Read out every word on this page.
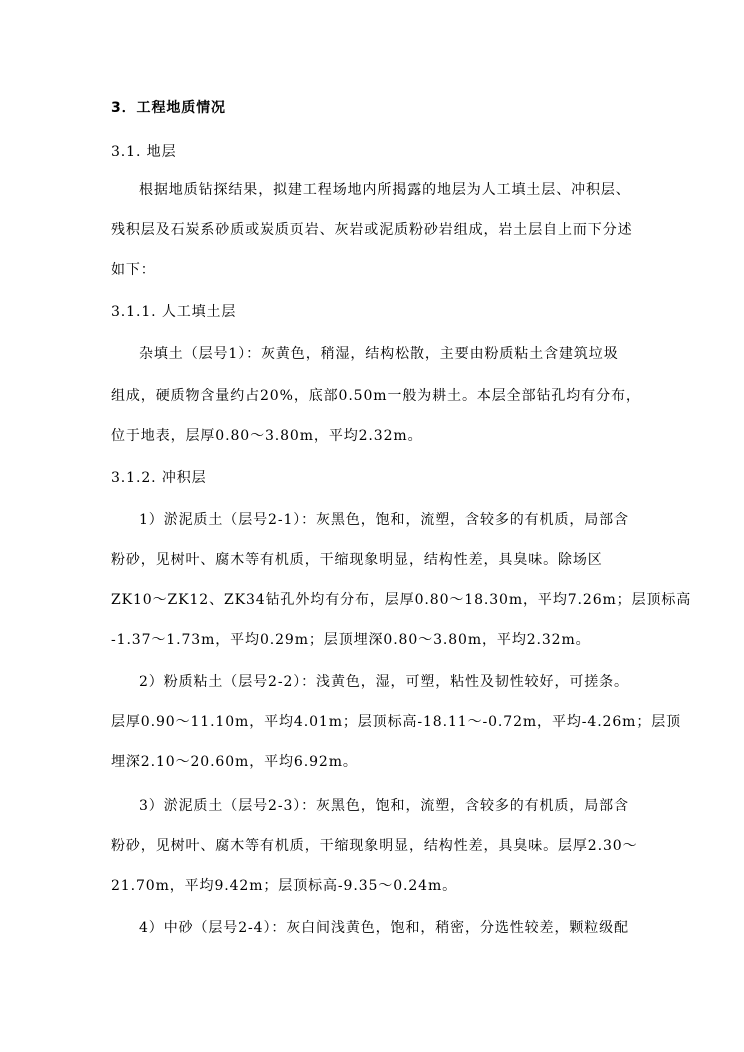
3．工程地质情况
3.1. 地层
根据地质钻探结果，拟建工程场地内所揭露的地层为人工填土层、冲积层、
残积层及石炭系砂质或炭质页岩、灰岩或泥质粉砂岩组成，岩土层自上而下分述
如下：
3.1.1. 人工填土层
杂填土（层号1）：灰黄色，稍湿，结构松散，主要由粉质粘土含建筑垃圾
组成，硬质物含量约占20%，底部0.50m一般为耕土。本层全部钻孔均有分布，
位于地表，层厚0.80～3.80m，平均2.32m。
3.1.2. 冲积层
1）淤泥质土（层号2-1）：灰黑色，饱和，流塑，含较多的有机质，局部含
粉砂，见树叶、腐木等有机质，干缩现象明显，结构性差，具臭味。除场区
ZK10～ZK12、ZK34钻孔外均有分布，层厚0.80～18.30m，平均7.26m；层顶标高
-1.37～1.73m，平均0.29m；层顶埋深0.80～3.80m，平均2.32m。
2）粉质粘土（层号2-2）：浅黄色，湿，可塑，粘性及韧性较好，可搓条。
层厚0.90～11.10m，平均4.01m；层顶标高-18.11～-0.72m，平均-4.26m；层顶
埋深2.10～20.60m，平均6.92m。
3）淤泥质土（层号2-3）：灰黑色，饱和，流塑，含较多的有机质，局部含
粉砂，见树叶、腐木等有机质，干缩现象明显，结构性差，具臭味。层厚2.30～
21.70m，平均9.42m；层顶标高-9.35～0.24m。
4）中砂（层号2-4）：灰白间浅黄色，饱和，稍密，分选性较差，颗粒级配
